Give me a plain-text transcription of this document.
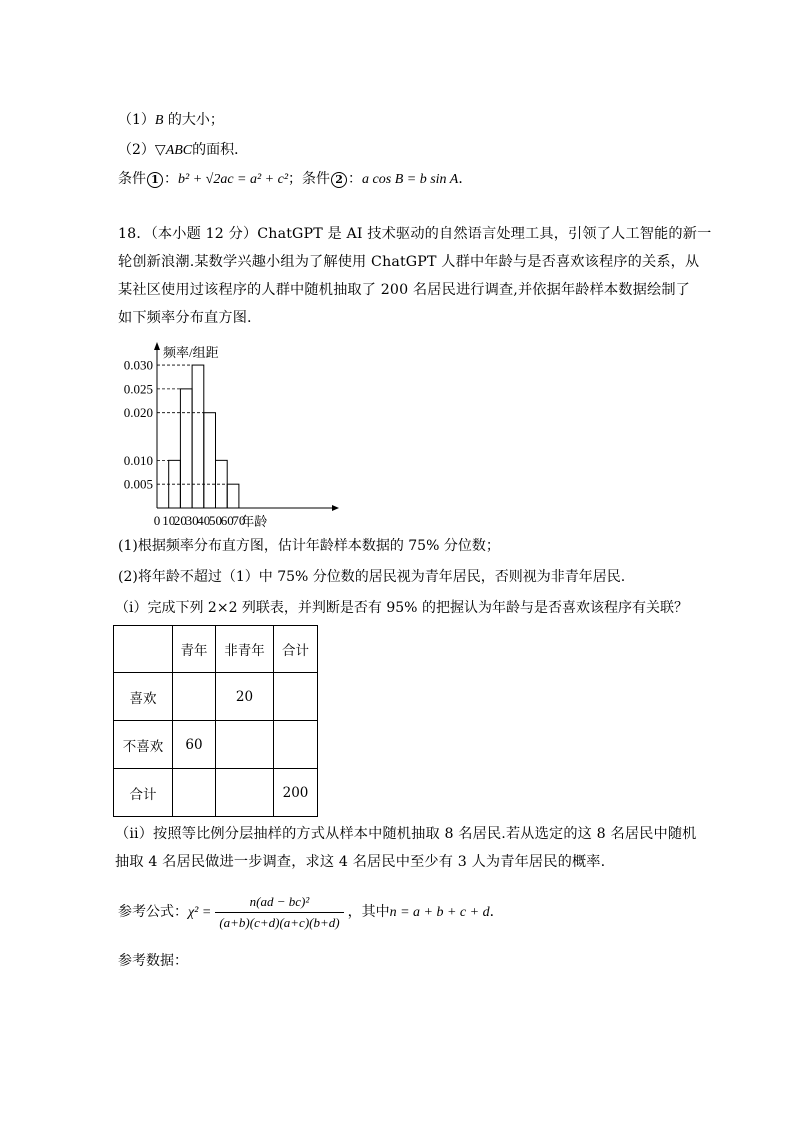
（1）B 的大小；
（2）▽ABC的面积．
条件 1 ：b² + √2ac = a² + c²；条件 2 ：a cos B = b sin A．
18．（本小题 12 分）ChatGPT 是 AI 技术驱动的自然语言处理工具，引领了人工智能的新一
轮创新浪潮.某数学兴趣小组为了解使用 ChatGPT 人群中年龄与是否喜欢该程序的关系，从
某社区使用过该程序的人群中随机抽取了 200 名居民进行调查,并依据年龄样本数据绘制了
如下频率分布直方图.
0.005
0.010
0.020
0.025
0.030
0 10
20
30
40
50
60
70
频率/组距
年龄
(1)根据频率分布直方图，估计年龄样本数据的 75% 分位数；
(2)将年龄不超过（1）中 75% 分位数的居民视为青年居民，否则视为非青年居民.
（i）完成下列 2×2 列联表，并判断是否有 95% 的把握认为年龄与是否喜欢该程序有关联？
	青年	非青年	合计
喜欢		20	
不喜欢	60		
合计			200
（ii）按照等比例分层抽样的方式从样本中随机抽取 8 名居民.若从选定的这 8 名居民中随机
抽取 4 名居民做进一步调查，求这 4 名居民中至少有 3 人为青年居民的概率.
参考公式：$\chi^2 = \frac{\text{n(ad − bc)²}}{(a+b)(c+d)(a+c)(b+d)}$ ，其中n = a + b + c + d．
参考数据：
